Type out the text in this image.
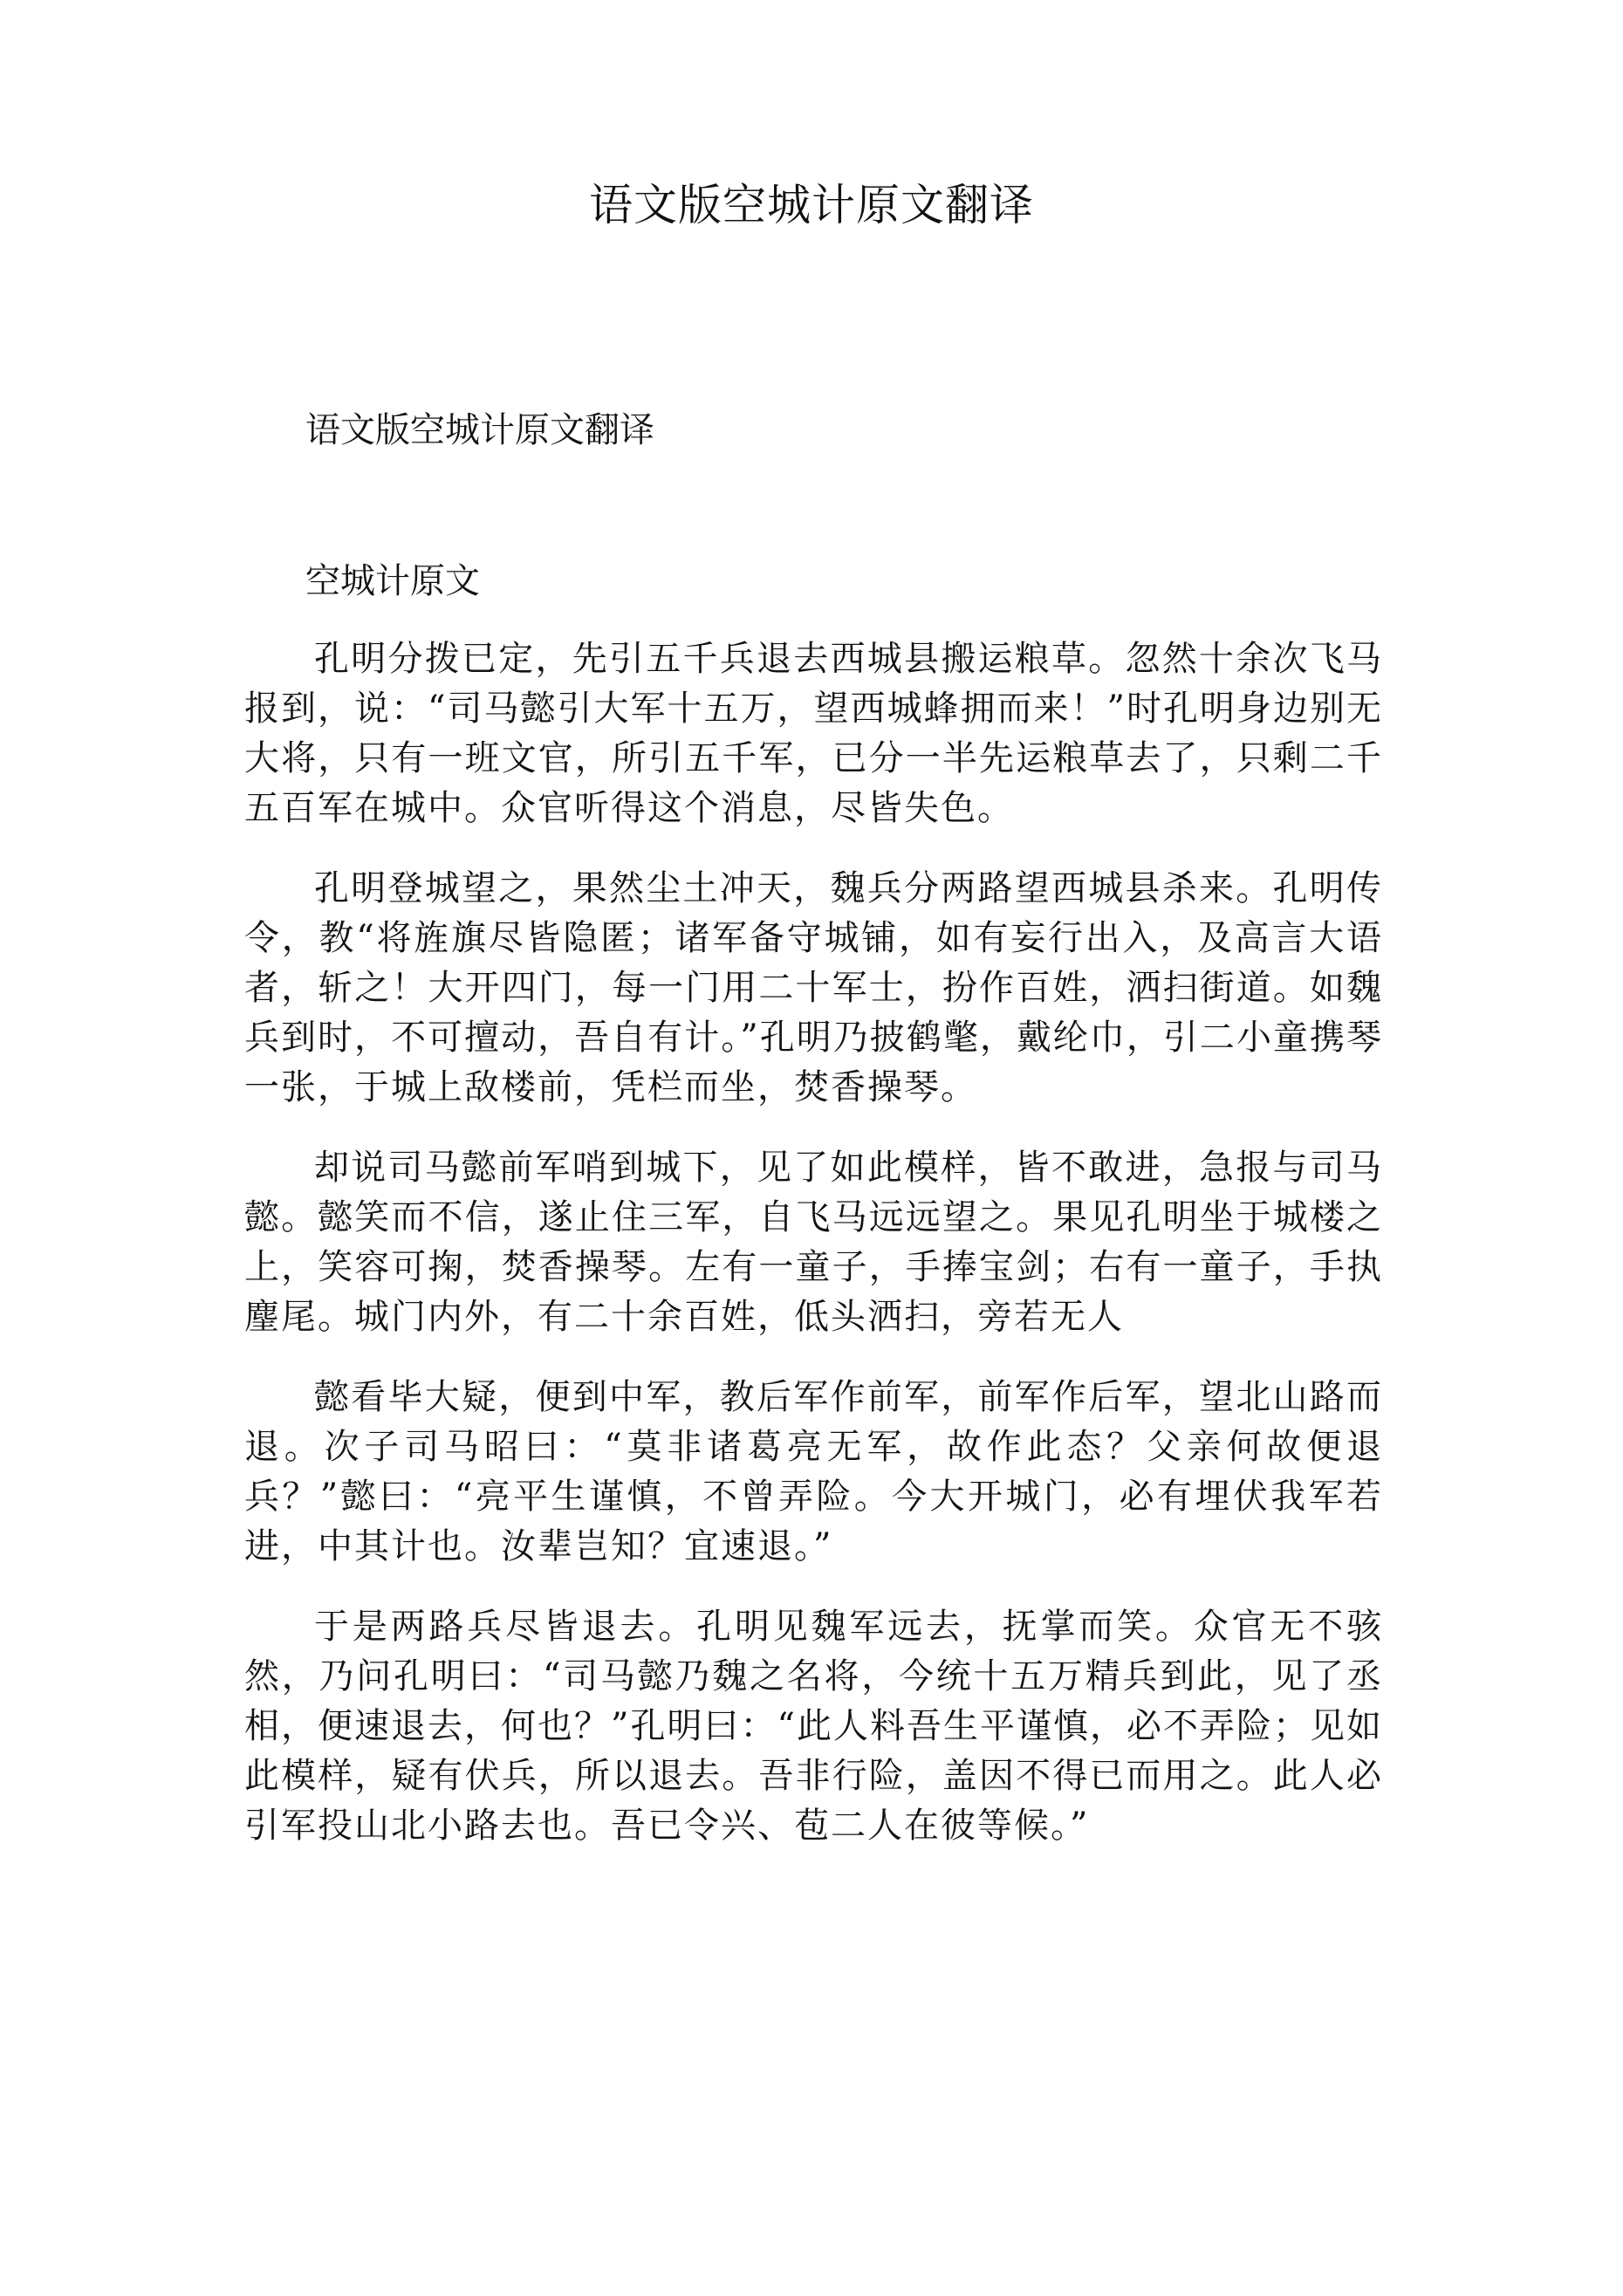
语文版空城计原文翻译
语文版空城计原文翻译
空城计原文

孔明分拨已定，先引五千兵退去西城县搬运粮草。忽然十余次飞马报到，说：“司马懿引大军十五万，望西城蜂拥而来！”时孔明身边别无大将，只有一班文官，所引五千军，已分一半先运粮草去了，只剩二千五百军在城中。众官听得这个消息，尽皆失色。

孔明登城望之，果然尘土冲天，魏兵分两路望西城县杀来。孔明传令，教“将旌旗尽皆隐匿；诸军备守城铺，如有妄行出入，及高言大语者，斩之！大开四门，每一门用二十军士，扮作百姓，洒扫街道。如魏兵到时，不可擅动，吾自有计。”孔明乃披鹤氅，戴纶巾，引二小童携琴一张，于城上敌楼前，凭栏而坐，焚香操琴。

却说司马懿前军哨到城下，见了如此模样，皆不敢进，急报与司马懿。懿笑而不信，遂止住三军，自飞马远远望之。果见孔明坐于城楼之上，笑容可掬，焚香操琴。左有一童子，手捧宝剑；右有一童子，手执麈尾。城门内外，有二十余百姓，低头洒扫，旁若无人

懿看毕大疑，便到中军，教后军作前军，前军作后军，望北山路而退。次子司马昭曰：“莫非诸葛亮无军，故作此态？父亲何故便退兵？”懿曰：“亮平生谨慎，不曾弄险。今大开城门，必有埋伏我军若进，中其计也。汝辈岂知？宜速退。”

于是两路兵尽皆退去。孔明见魏军远去，抚掌而笑。众官无不骇然，乃问孔明曰：“司马懿乃魏之名将，今统十五万精兵到此，见了丞相，便速退去，何也？”孔明曰：“此人料吾生平谨慎，必不弄险；见如此模样，疑有伏兵，所以退去。吾非行险，盖因不得已而用之。此人必引军投山北小路去也。吾已令兴、苞二人在彼等候。”
